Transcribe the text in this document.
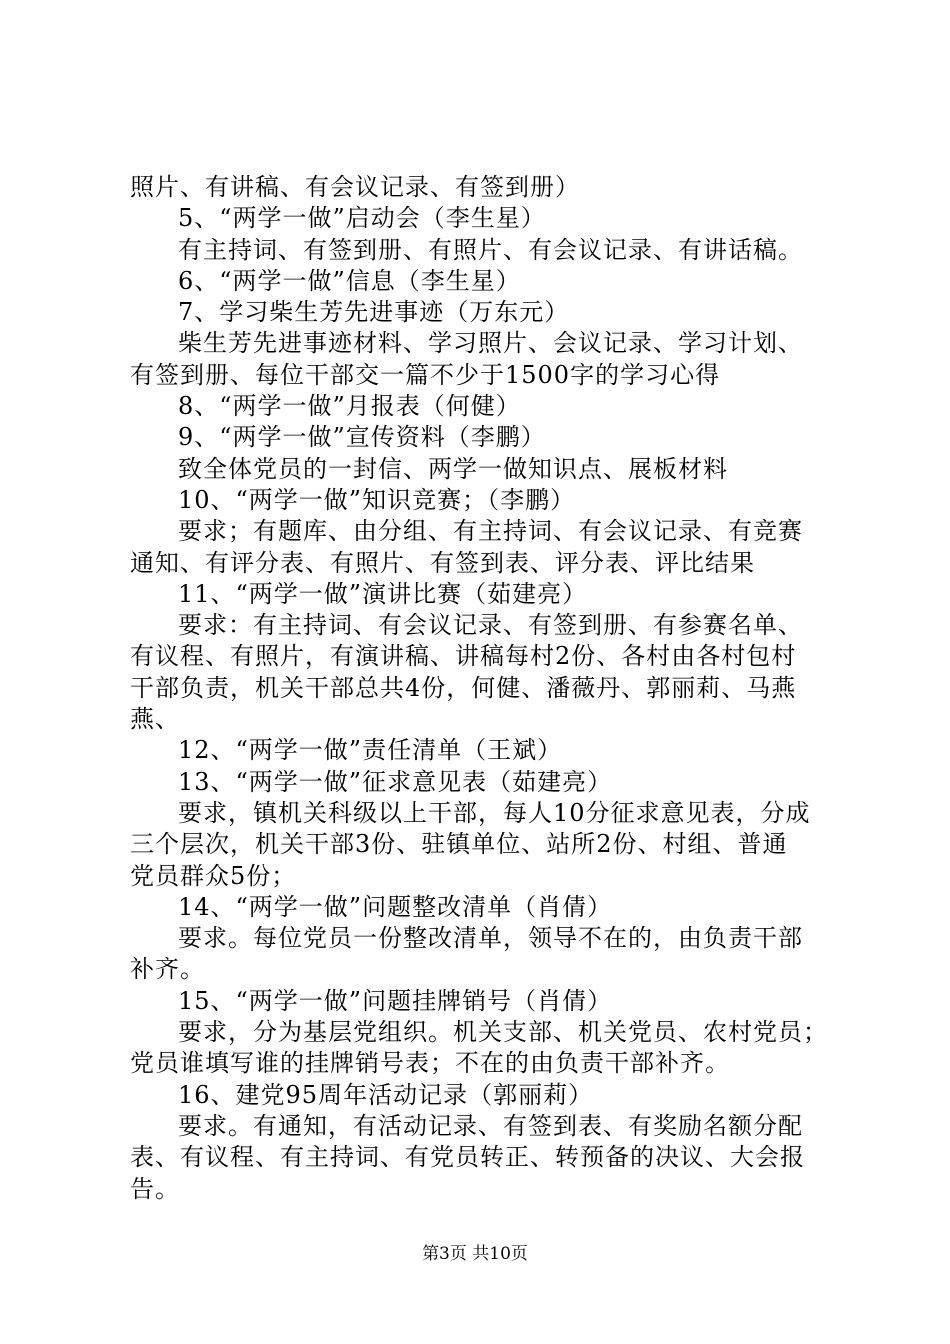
照片、有讲稿、有会议记录、有签到册）
5、“两学一做”启动会（李生星）
有主持词、有签到册、有照片、有会议记录、有讲话稿。
6、“两学一做”信息（李生星）
7、学习柴生芳先进事迹（万东元）
柴生芳先进事迹材料、学习照片、会议记录、学习计划、
有签到册、每位干部交一篇不少于1500字的学习心得
8、“两学一做”月报表（何健）
9、“两学一做”宣传资料（李鹏）
致全体党员的一封信、两学一做知识点、展板材料
10、“两学一做”知识竞赛；（李鹏）
要求；有题库、由分组、有主持词、有会议记录、有竞赛
通知、有评分表、有照片、有签到表、评分表、评比结果
11、“两学一做”演讲比赛（茹建亮）
要求：有主持词、有会议记录、有签到册、有参赛名单、
有议程、有照片，有演讲稿、讲稿每村2份、各村由各村包村
干部负责，机关干部总共4份，何健、潘薇丹、郭丽莉、马燕
燕、
12、“两学一做”责任清单（王斌）
13、“两学一做”征求意见表（茹建亮）
要求，镇机关科级以上干部，每人10分征求意见表，分成
三个层次，机关干部3份、驻镇单位、站所2份、村组、普通
党员群众5份；
14、“两学一做”问题整改清单（肖倩）
要求。每位党员一份整改清单，领导不在的，由负责干部
补齐。
15、“两学一做”问题挂牌销号（肖倩）
要求，分为基层党组织。机关支部、机关党员、农村党员；
党员谁填写谁的挂牌销号表；不在的由负责干部补齐。
16、建党95周年活动记录（郭丽莉）
要求。有通知，有活动记录、有签到表、有奖励名额分配
表、有议程、有主持词、有党员转正、转预备的决议、大会报
告。
第3页 共10页
